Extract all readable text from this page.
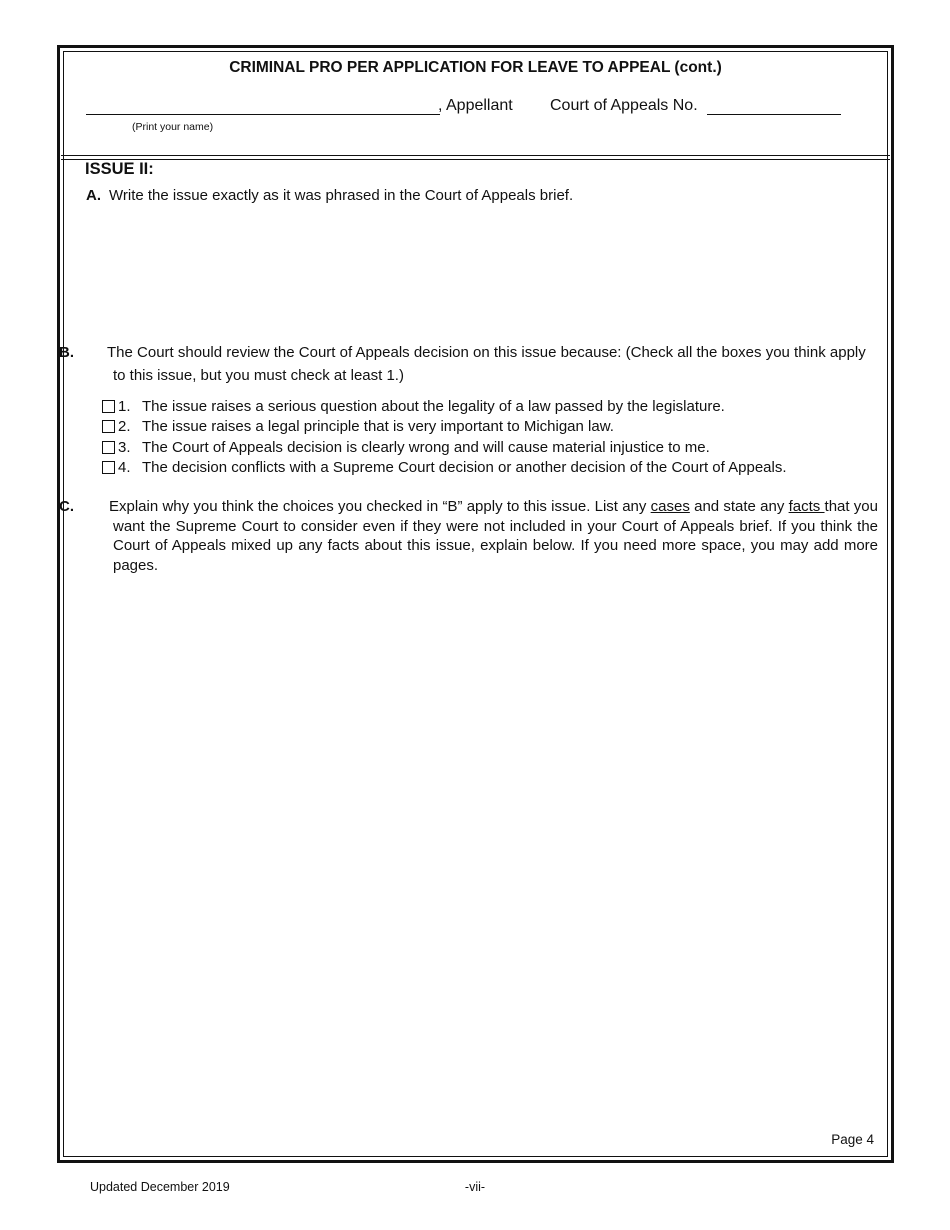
CRIMINAL PRO PER APPLICATION FOR LEAVE TO APPEAL (cont.)
, Appellant Court of Appeals No.
(Print your name)
ISSUE II:
A. Write the issue exactly as it was phrased in the Court of Appeals brief.
B. The Court should review the Court of Appeals decision on this issue because: (Check all the boxes you think apply to this issue, but you must check at least 1.)
1. The issue raises a serious question about the legality of a law passed by the legislature.
2. The issue raises a legal principle that is very important to Michigan law.
3. The Court of Appeals decision is clearly wrong and will cause material injustice to me.
4. The decision conflicts with a Supreme Court decision or another decision of the Court of Appeals.
C. Explain why you think the choices you checked in “B” apply to this issue. List any cases and state any facts that you want the Supreme Court to consider even if they were not included in your Court of Appeals brief. If you think the Court of Appeals mixed up any facts about this issue, explain below. If you need more space, you may add more pages.
Page 4
Updated December 2019	-vii-
